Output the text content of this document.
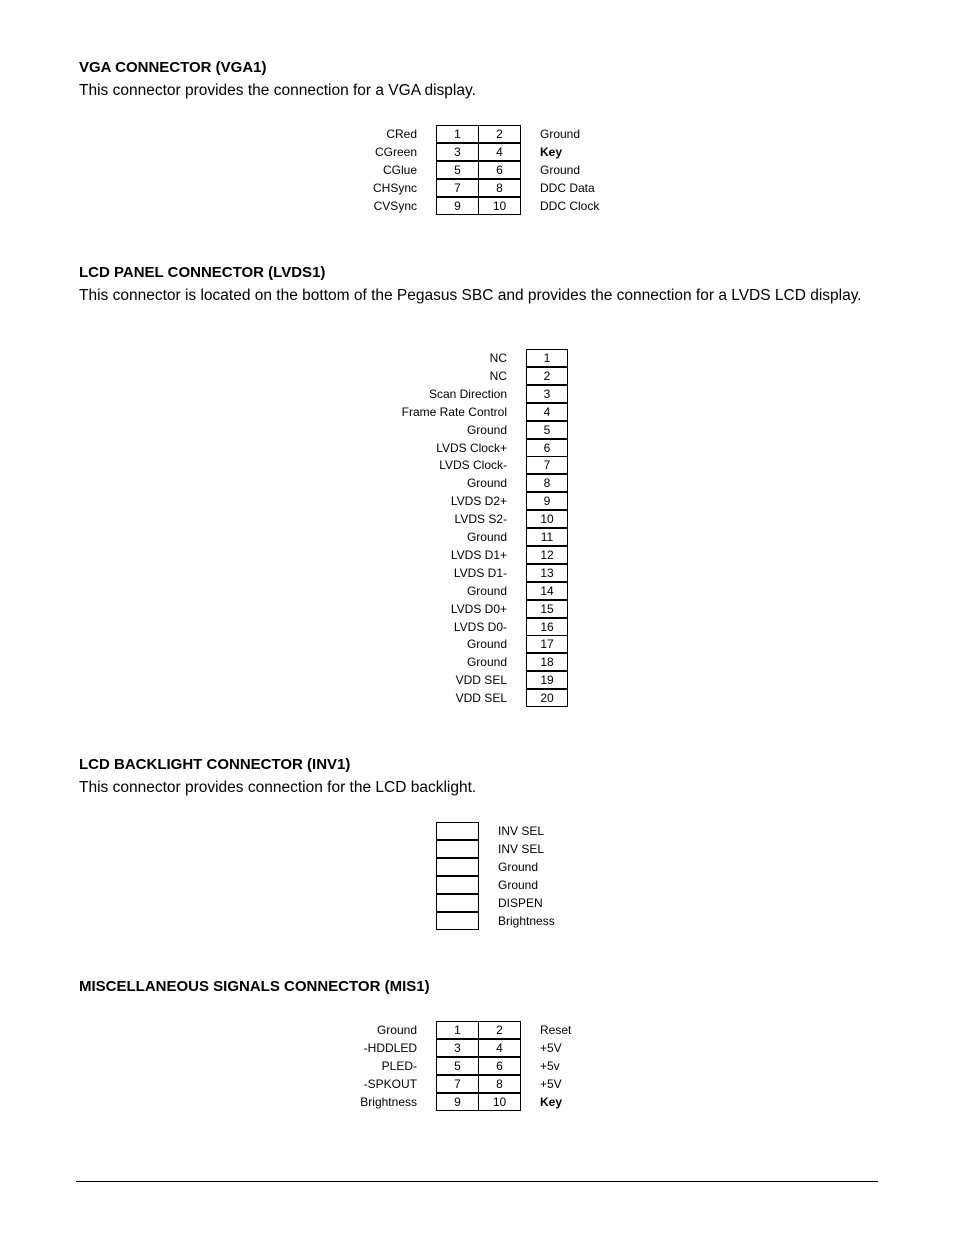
VGA CONNECTOR (VGA1)
This connector provides the connection for a VGA display.
CRed	1	2	Ground
CGreen	3	4	Key
CGlue	5	6	Ground
CHSync	7	8	DDC Data
CVSync	9	10	DDC Clock
LCD PANEL CONNECTOR (LVDS1)
This connector is located on the bottom of the Pegasus SBC and provides the connection for a LVDS LCD display.
NC	1
NC	2
Scan Direction	3
Frame Rate Control	4
Ground	5
LVDS Clock+	6
LVDS Clock-	7
Ground	8
LVDS D2+	9
LVDS S2-	10
Ground	11
LVDS D1+	12
LVDS D1-	13
Ground	14
LVDS D0+	15
LVDS D0-	16
Ground	17
Ground	18
VDD SEL	19
VDD SEL	20
LCD BACKLIGHT CONNECTOR (INV1)
This connector provides connection for the LCD backlight.
INV SEL
INV SEL
Ground
Ground
DISPEN
Brightness
MISCELLANEOUS SIGNALS CONNECTOR (MIS1)
Ground	1	2	Reset
-HDDLED	3	4	+5V
PLED-	5	6	+5v
-SPKOUT	7	8	+5V
Brightness	9	10	Key
